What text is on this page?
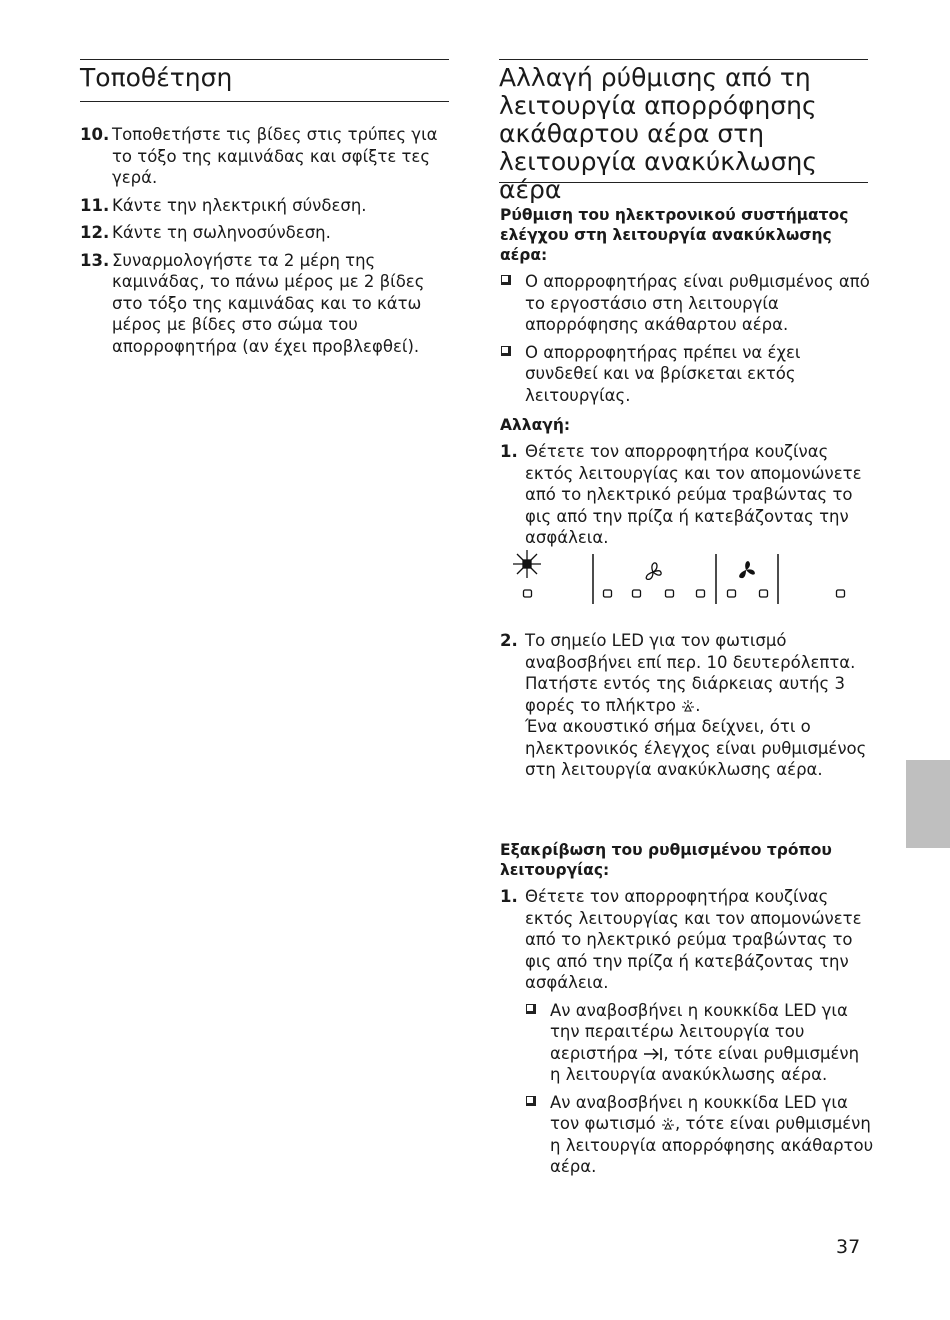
Τοποθέτηση
10. Τοποθετήστε τις βίδες στις τρύπες για το τόξο της καμινάδας και σφίξτε τες γερά.
11. Κάντε την ηλεκτρική σύνδεση.
12. Κάντε τη σωληνοσύνδεση.
13. Συναρμολογήστε τα 2 μέρη της καμινάδας, το πάνω μέρος με 2 βίδες στο τόξο της καμινάδας και το κάτω μέρος με βίδες στο σώμα του απορροφητήρα (αν έχει προβλεφθεί).
Αλλαγή ρύθμισης από τη λειτουργία απορρόφησης ακάθαρτου αέρα στη λειτουργία ανακύκλωσης αέρα

Ρύθμιση του ηλεκτρονικού συστήματος ελέγχου στη λειτουργία ανακύκλωσης αέρα:

Ο απορροφητήρας είναι ρυθμισμένος από το εργοστάσιο στη λειτουργία απορρόφησης ακάθαρτου αέρα.
Ο απορροφητήρας πρέπει να έχει συνδεθεί και να βρίσκεται εκτός λειτουργίας.

Αλλαγή:

1. Θέτετε τον απορροφητήρα κουζίνας εκτός λειτουργίας και τον απομονώνετε από το ηλεκτρικό ρεύμα τραβώντας το φις από την πρίζα ή κατεβάζοντας την ασφάλεια.
2. Το σημείο LED για τον φωτισμό αναβοσβήνει επί περ. 10 δευτερόλεπτα. Πατήστε εντός της διάρκειας αυτής 3 φορές το πλήκτρο .
Ένα ακουστικό σήμα δείχνει, ότι ο ηλεκτρονικός έλεγχος είναι ρυθμισμένος στη λειτουργία ανακύκλωσης αέρα.

Εξακρίβωση του ρυθμισμένου τρόπου λειτουργίας:

1. Θέτετε τον απορροφητήρα κουζίνας εκτός λειτουργίας και τον απομονώνετε από το ηλεκτρικό ρεύμα τραβώντας το φις από την πρίζα ή κατεβάζοντας την ασφάλεια.
Αν αναβοσβήνει η κουκκίδα LED για την περαιτέρω λειτουργία του αεριστήρα , τότε είναι ρυθμισμένη η λειτουργία ανακύκλωσης αέρα.
Αν αναβοσβήνει η κουκκίδα LED για τον φωτισμό , τότε είναι ρυθμισμένη η λειτουργία απορρόφησης ακάθαρτου αέρα.
37
